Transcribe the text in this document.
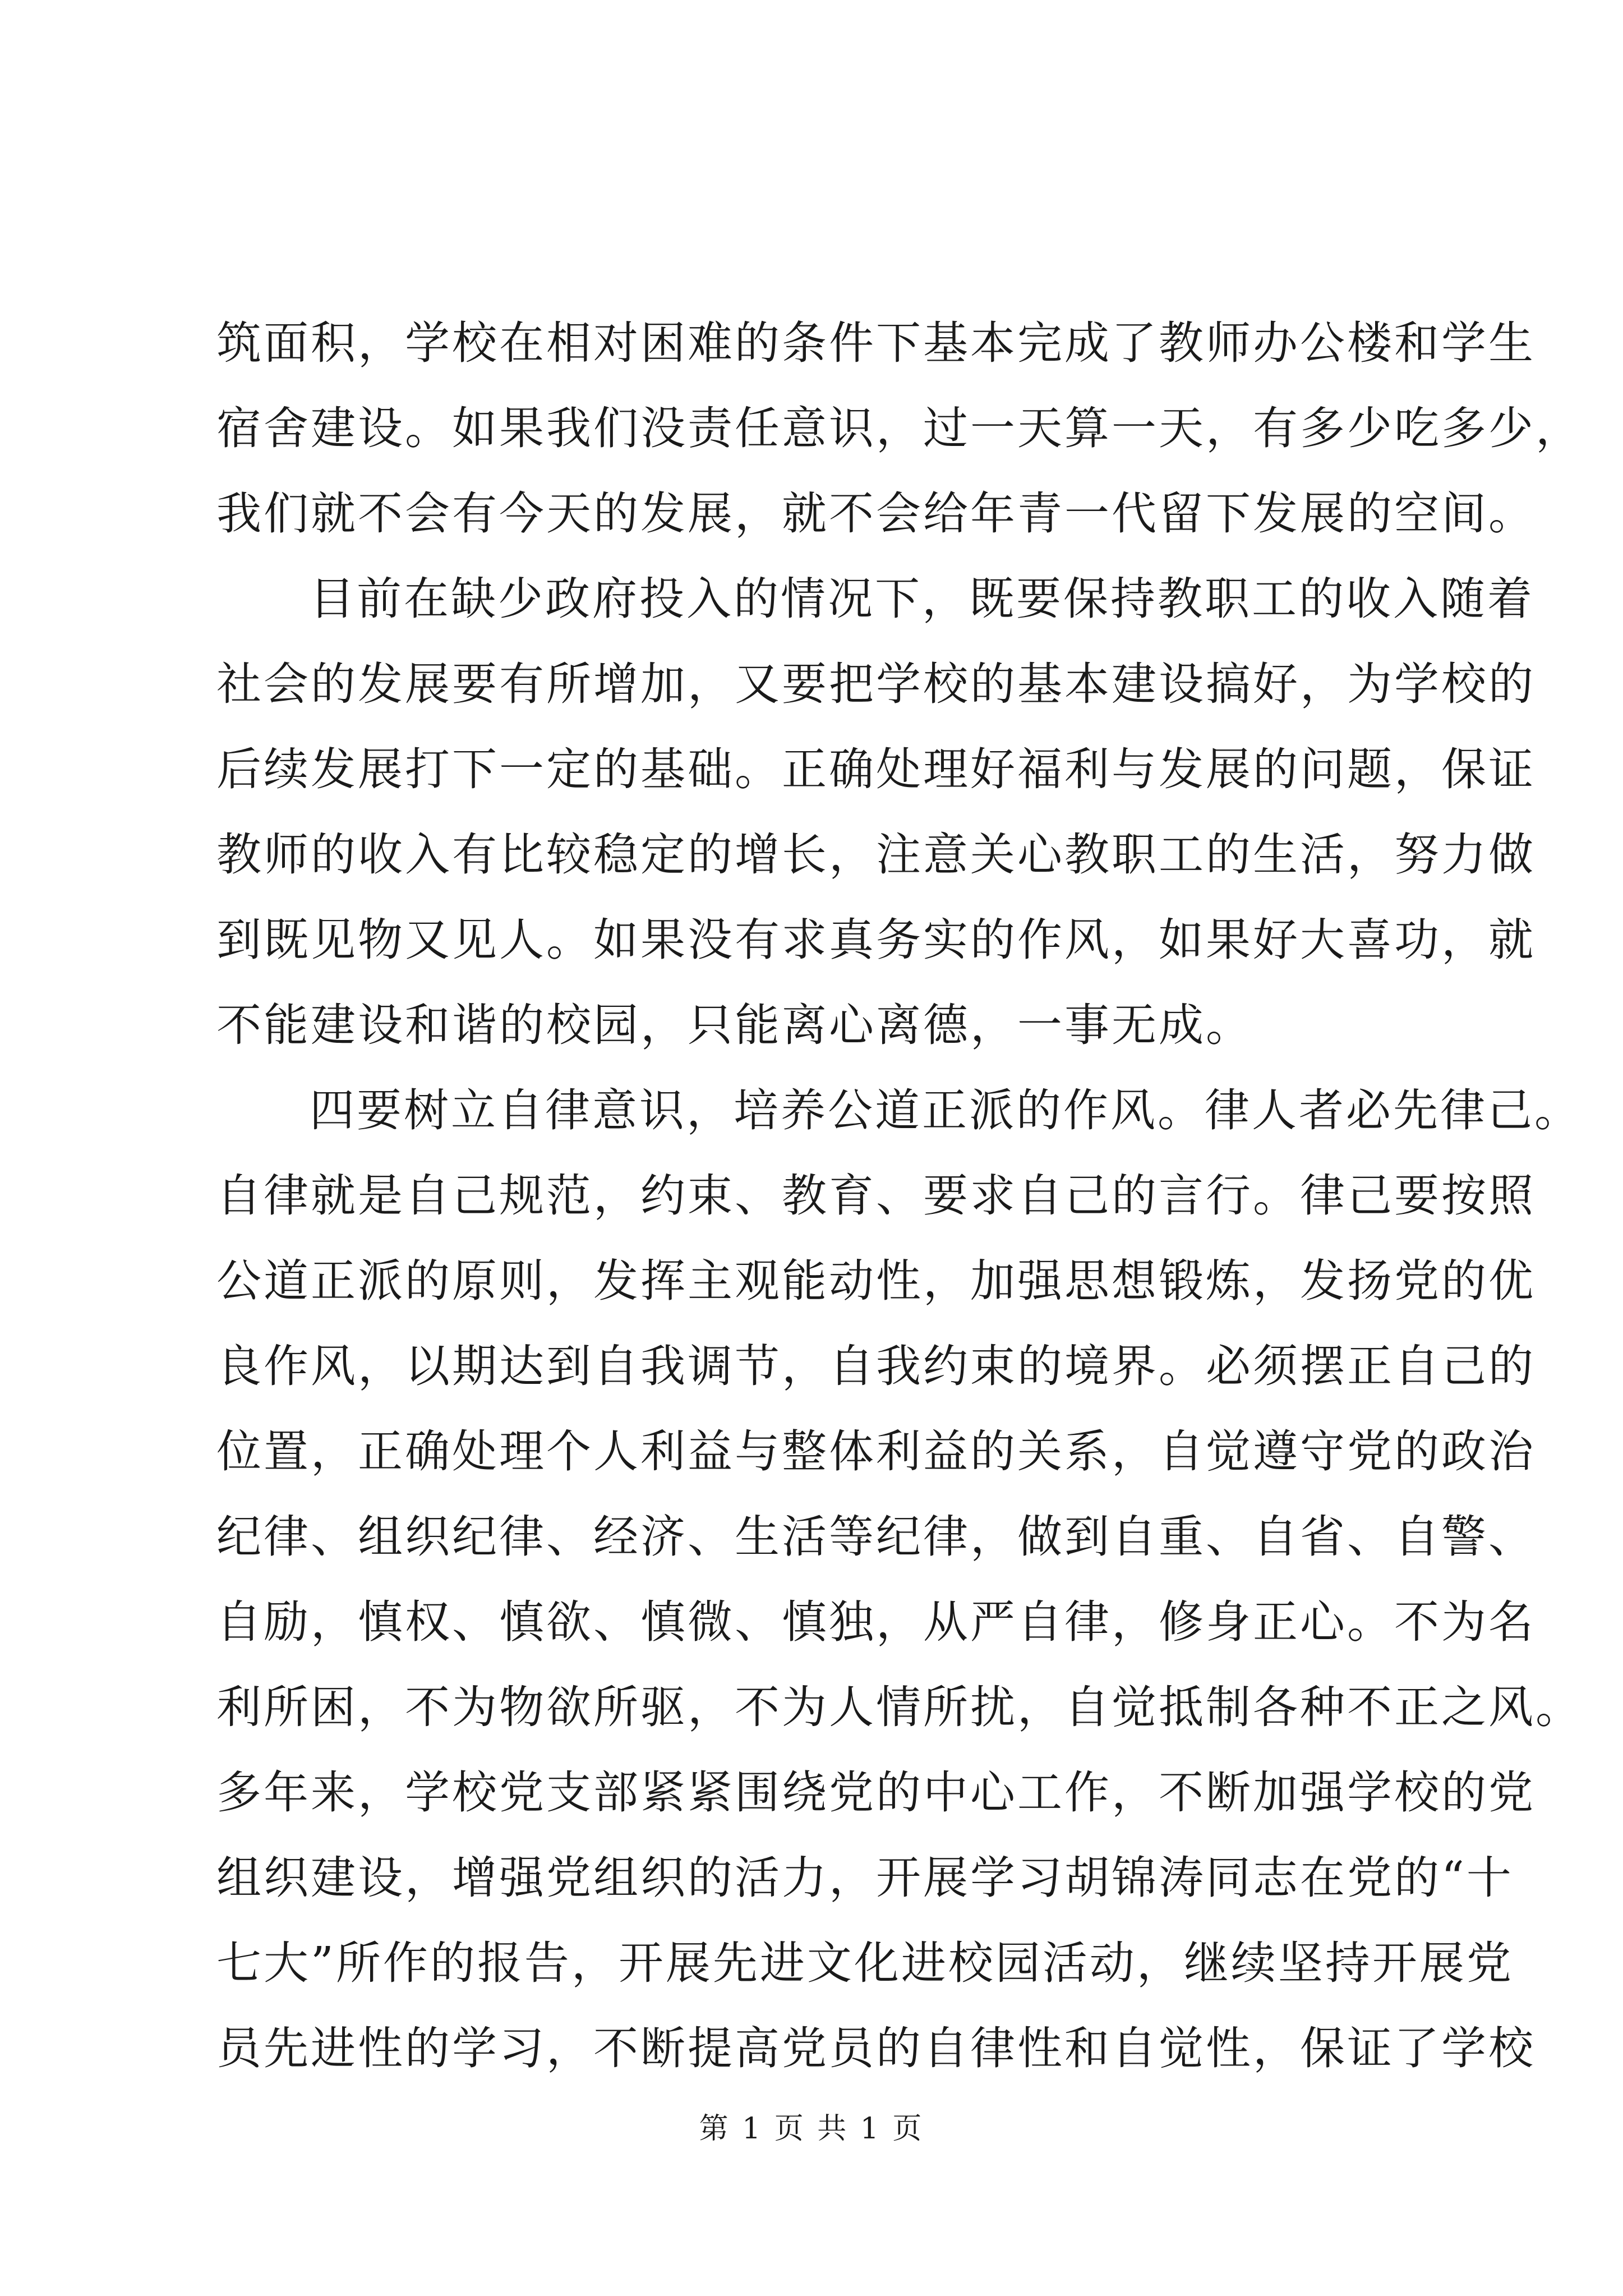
筑面积，学校在相对困难的条件下基本完成了教师办公楼和学生
宿舍建设。如果我们没责任意识，过一天算一天，有多少吃多少，
我们就不会有今天的发展，就不会给年青一代留下发展的空间。
目前在缺少政府投入的情况下，既要保持教职工的收入随着
社会的发展要有所增加，又要把学校的基本建设搞好，为学校的
后续发展打下一定的基础。正确处理好福利与发展的问题，保证
教师的收入有比较稳定的增长，注意关心教职工的生活，努力做
到既见物又见人。如果没有求真务实的作风，如果好大喜功，就
不能建设和谐的校园，只能离心离德，一事无成。
四要树立自律意识，培养公道正派的作风。律人者必先律己。
自律就是自己规范，约束、教育、要求自己的言行。律己要按照
公道正派的原则，发挥主观能动性，加强思想锻炼，发扬党的优
良作风，以期达到自我调节，自我约束的境界。必须摆正自己的
位置，正确处理个人利益与整体利益的关系，自觉遵守党的政治
纪律、组织纪律、经济、生活等纪律，做到自重、自省、自警、
自励，慎权、慎欲、慎微、慎独，从严自律，修身正心。不为名
利所困，不为物欲所驱，不为人情所扰，自觉抵制各种不正之风。
多年来，学校党支部紧紧围绕党的中心工作，不断加强学校的党
组织建设，增强党组织的活力，开展学习胡锦涛同志在党的“十
七大”所作的报告，开展先进文化进校园活动，继续坚持开展党
员先进性的学习，不断提高党员的自律性和自觉性，保证了学校
第 1 页 共 1 页
